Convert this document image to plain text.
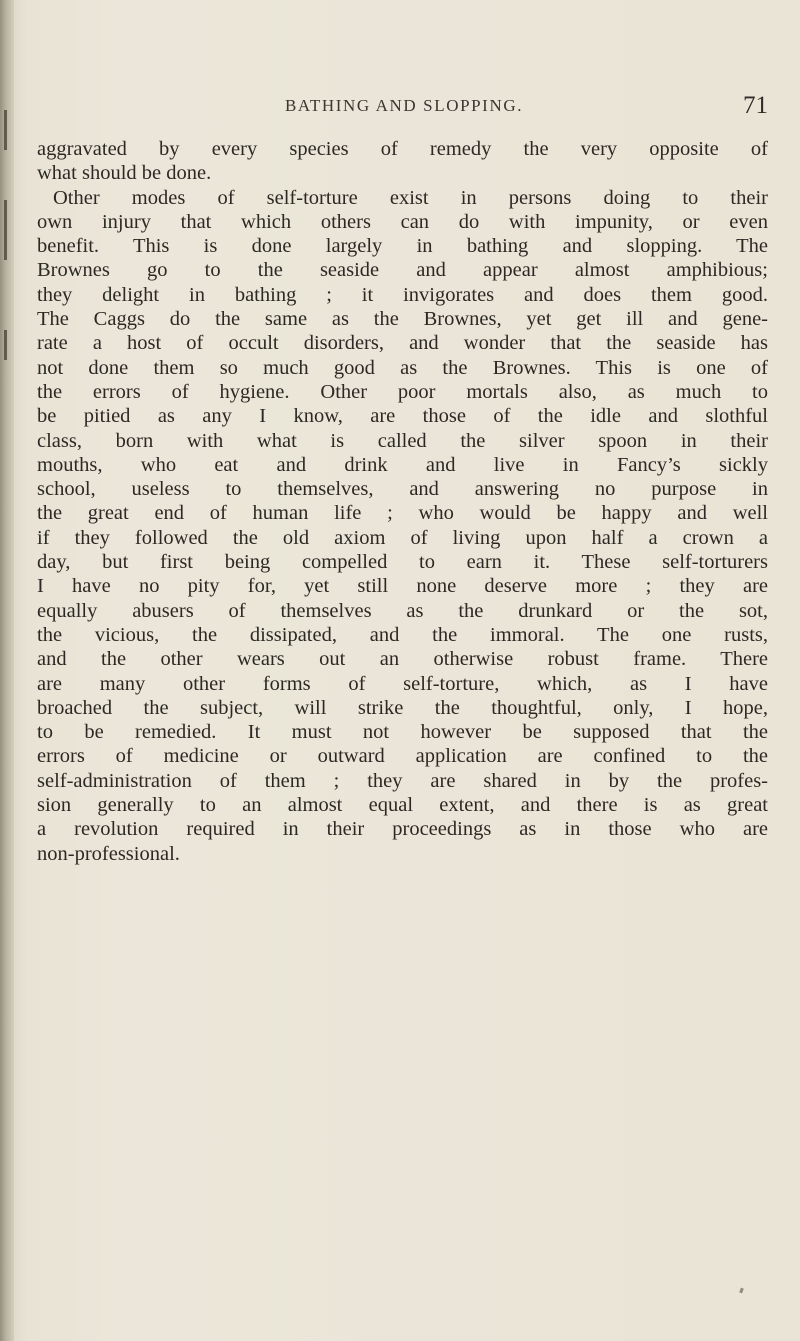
BATHING AND SLOPPING.	71
aggravated by every species of remedy the very opposite of
what should be done.
Other modes of self-torture exist in persons doing to their
own injury that which others can do with impunity, or even
benefit. This is done largely in bathing and slopping. The
Brownes go to the seaside and appear almost amphibious;
they delight in bathing ; it invigorates and does them good.
The Caggs do the same as the Brownes, yet get ill and gene-
rate a host of occult disorders, and wonder that the seaside has
not done them so much good as the Brownes. This is one of
the errors of hygiene. Other poor mortals also, as much to
be pitied as any I know, are those of the idle and slothful
class, born with what is called the silver spoon in their
mouths, who eat and drink and live in Fancy’s sickly
school, useless to themselves, and answering no purpose in
the great end of human life ; who would be happy and well
if they followed the old axiom of living upon half a crown a
day, but first being compelled to earn it. These self-torturers
I have no pity for, yet still none deserve more ; they are
equally abusers of themselves as the drunkard or the sot,
the vicious, the dissipated, and the immoral. The one rusts,
and the other wears out an otherwise robust frame. There
are many other forms of self-torture, which, as I have
broached the subject, will strike the thoughtful, only, I hope,
to be remedied. It must not however be supposed that the
errors of medicine or outward application are confined to the
self-administration of them ; they are shared in by the profes-
sion generally to an almost equal extent, and there is as great
a revolution required in their proceedings as in those who are
non-professional.
